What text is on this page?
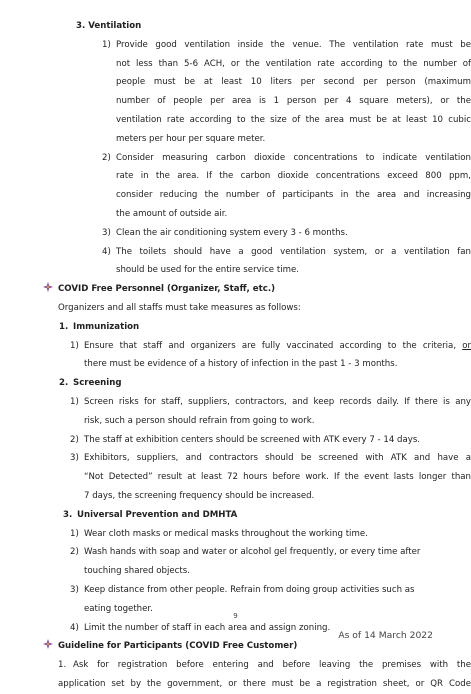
3. Ventilation
1) Provide good ventilation inside the venue. The ventilation rate must be
not less than 5-6 ACH, or the ventilation rate according to the number of
people must be at least 10 liters per second per person (maximum
number of people per area is 1 person per 4 square meters), or the
ventilation rate according to the size of the area must be at least 10 cubic
meters per hour per square meter.
2) Consider measuring carbon dioxide concentrations to indicate ventilation
rate in the area. If the carbon dioxide concentrations exceed 800 ppm,
consider reducing the number of participants in the area and increasing
the amount of outside air.
3) Clean the air conditioning system every 3 - 6 months.
4) The toilets should have a good ventilation system, or a ventilation fan
should be used for the entire service time.
COVID Free Personnel (Organizer, Staff, etc.)
Organizers and all staffs must take measures as follows:
1. Immunization
1) Ensure that staff and organizers are fully vaccinated according to the criteria, or
there must be evidence of a history of infection in the past 1 - 3 months.
2. Screening
1) Screen risks for staff, suppliers, contractors, and keep records daily. If there is any
risk, such a person should refrain from going to work.
2) The staff at exhibition centers should be screened with ATK every 7 - 14 days.
3) Exhibitors, suppliers, and contractors should be screened with ATK and have a
“Not Detected” result at least 72 hours before work. If the event lasts longer than
7 days, the screening frequency should be increased.
3. Universal Prevention and DMHTA
1) Wear cloth masks or medical masks throughout the working time.
2) Wash hands with soap and water or alcohol gel frequently, or every time after
touching shared objects.
3) Keep distance from other people. Refrain from doing group activities such as
eating together.
4) Limit the number of staff in each area and assign zoning.
Guideline for Participants (COVID Free Customer)
1. Ask for registration before entering and before leaving the premises with the
application set by the government, or there must be a registration sheet, or QR Code
9
As of 14 March 2022
